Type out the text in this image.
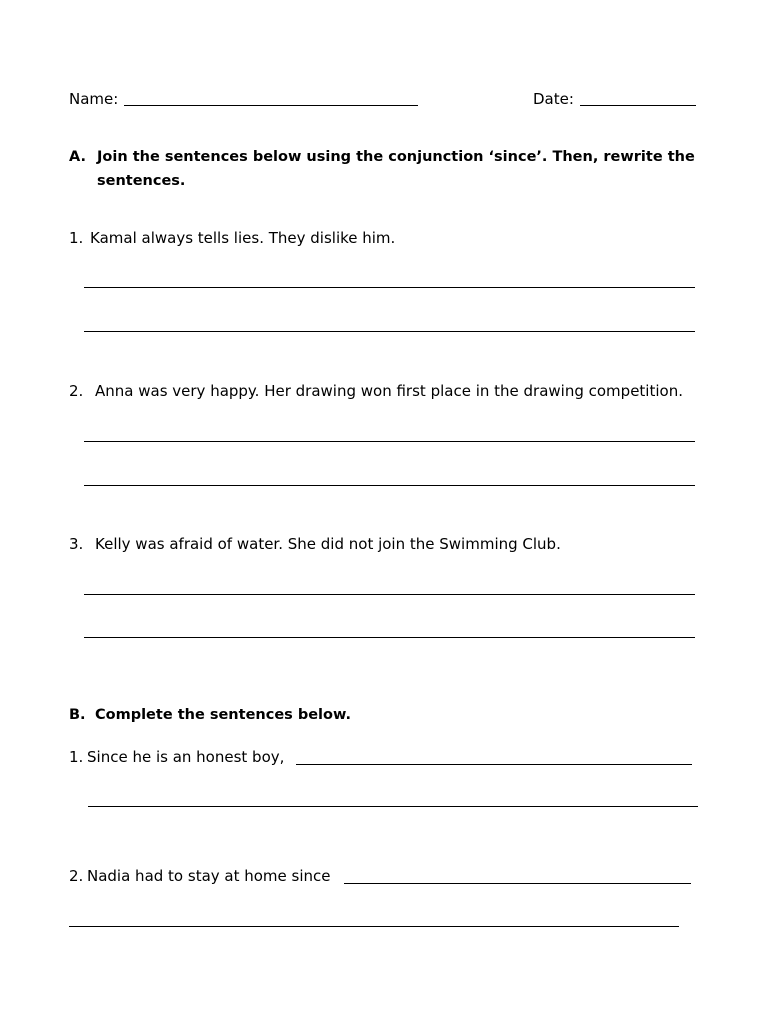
Name:	Date:
A. Join the sentences below using the conjunction ‘since’. Then, rewrite the
sentences.
1. Kamal always tells lies. They dislike him.
2. Anna was very happy. Her drawing won first place in the drawing competition.
3. Kelly was afraid of water. She did not join the Swimming Club.
B. Complete the sentences below.
1. Since he is an honest boy,
2. Nadia had to stay at home since
